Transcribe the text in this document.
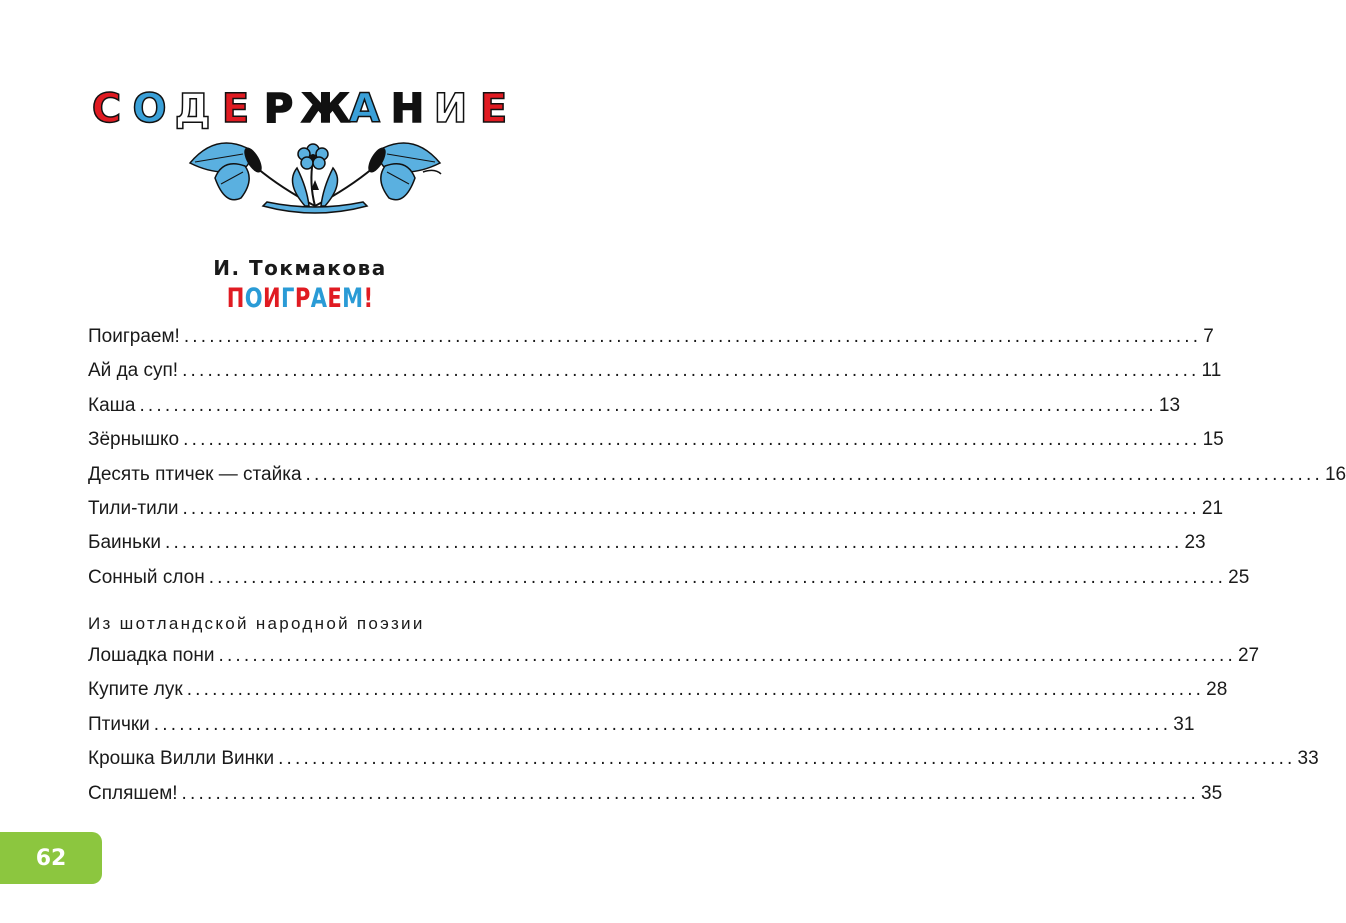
С О Д Е Р Ж А Н И Е
И. Токмакова
ПОИГРАЕМ!
Поиграем! ........................................................................................................................ 7
Ай да суп! ........................................................................................................................ 11
Каша ........................................................................................................................ 13
Зёрнышко ........................................................................................................................ 15
Десять птичек — стайка ........................................................................................................................ 16
Тили-тили ........................................................................................................................ 21
Баиньки ........................................................................................................................ 23
Сонный слон ........................................................................................................................ 25
Из шотландской народной поэзии
Лошадка пони ........................................................................................................................ 27
Купите лук ........................................................................................................................ 28
Птички ........................................................................................................................ 31
Крошка Вилли Винки ........................................................................................................................ 33
Спляшем! ........................................................................................................................ 35
62
